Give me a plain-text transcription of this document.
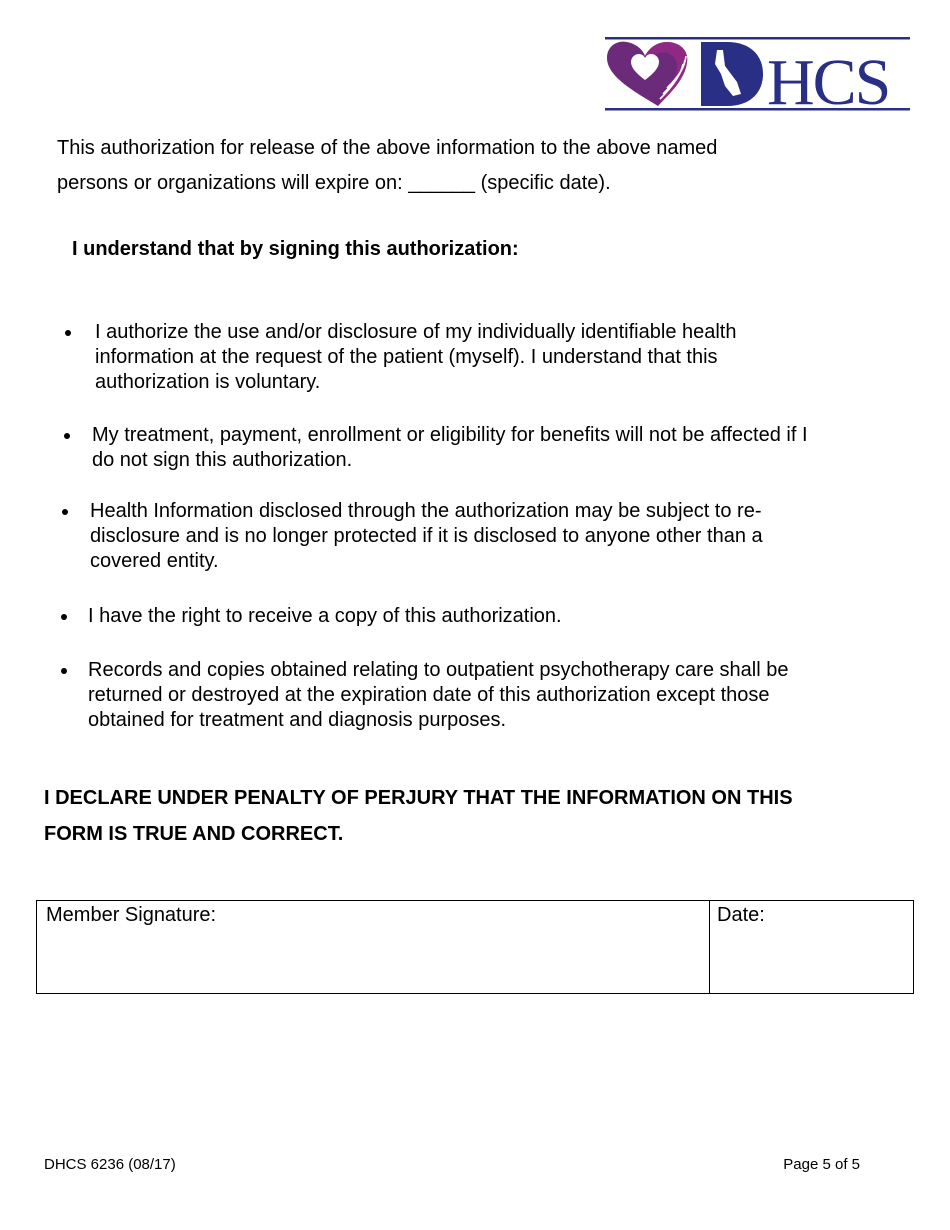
HCS
This authorization for release of the above information to the above named
persons or organizations will expire on: ______ (specific date).
I understand that by signing this authorization:
I authorize the use and/or disclosure of my individually identifiable health
information at the request of the patient (myself). I understand that this
authorization is voluntary.
My treatment, payment, enrollment or eligibility for benefits will not be affected if I
do not sign this authorization.
Health Information disclosed through the authorization may be subject to re-
disclosure and is no longer protected if it is disclosed to anyone other than a
covered entity.
I have the right to receive a copy of this authorization.
Records and copies obtained relating to outpatient psychotherapy care shall be
returned or destroyed at the expiration date of this authorization except those
obtained for treatment and diagnosis purposes.
I DECLARE UNDER PENALTY OF PERJURY THAT THE INFORMATION ON THIS
FORM IS TRUE AND CORRECT.
Member Signature:	Date:
DHCS 6236 (08/17)	Page 5 of 5
